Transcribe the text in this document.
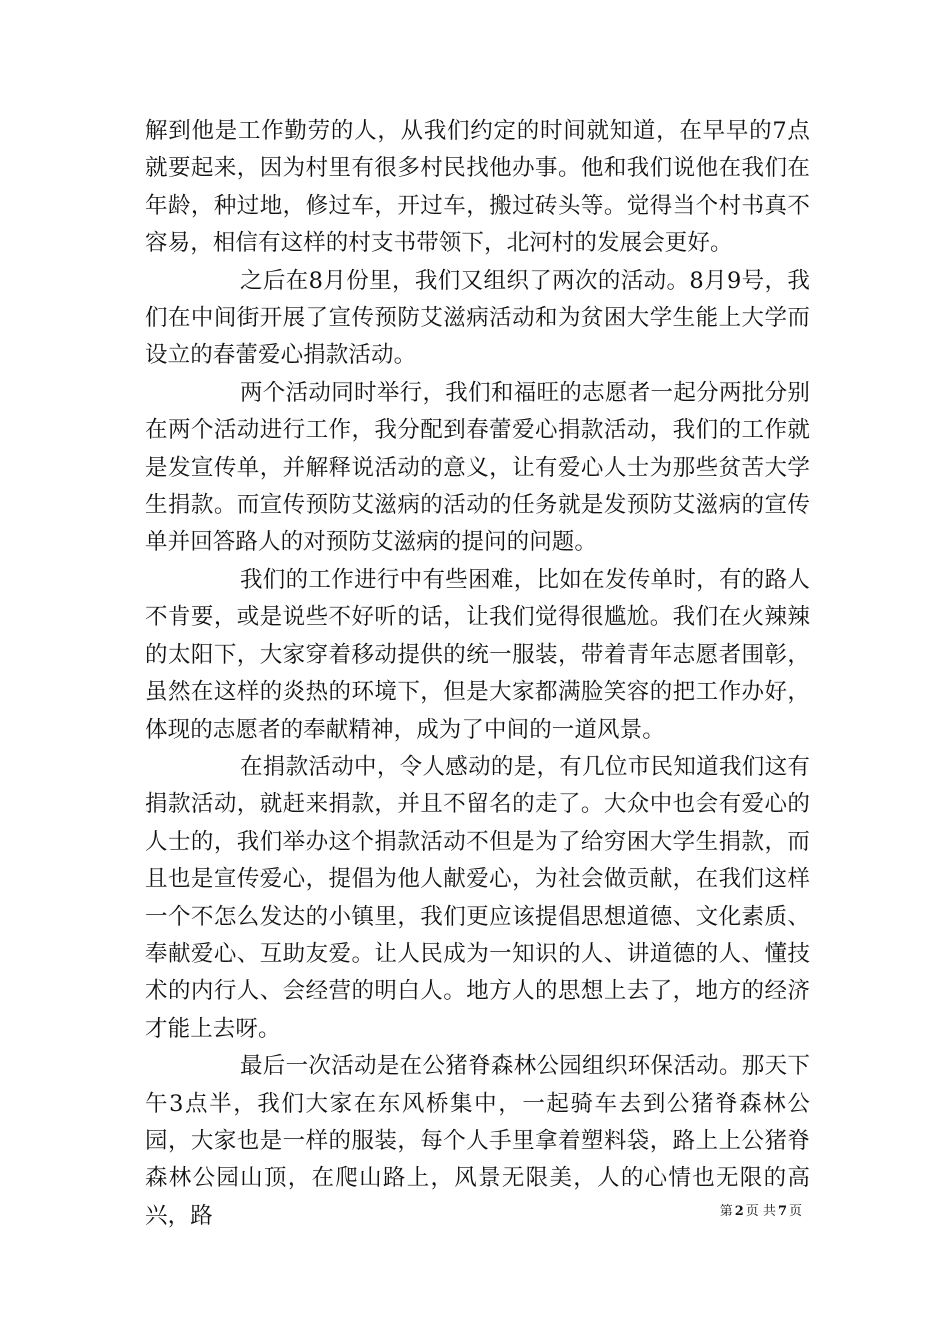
解到他是工作勤劳的人，从我们约定的时间就知道，在早早的7点就要起来，因为村里有很多村民找他办事。他和我们说他在我们在年龄，种过地，修过车，开过车，搬过砖头等。觉得当个村书真不容易，相信有这样的村支书带领下，北河村的发展会更好。

之后在8月份里，我们又组织了两次的活动。8月9号，我们在中间街开展了宣传预防艾滋病活动和为贫困大学生能上大学而设立的春蕾爱心捐款活动。

两个活动同时举行，我们和福旺的志愿者一起分两批分别在两个活动进行工作，我分配到春蕾爱心捐款活动，我们的工作就是发宣传单，并解释说活动的意义，让有爱心人士为那些贫苦大学生捐款。而宣传预防艾滋病的活动的任务就是发预防艾滋病的宣传单并回答路人的对预防艾滋病的提问的问题。

我们的工作进行中有些困难，比如在发传单时，有的路人不肯要，或是说些不好听的话，让我们觉得很尴尬。我们在火辣辣的太阳下，大家穿着移动提供的统一服装，带着青年志愿者围彰，虽然在这样的炎热的环境下，但是大家都满脸笑容的把工作办好，体现的志愿者的奉献精神，成为了中间的一道风景。

在捐款活动中，令人感动的是，有几位市民知道我们这有捐款活动，就赶来捐款，并且不留名的走了。大众中也会有爱心的人士的，我们举办这个捐款活动不但是为了给穷困大学生捐款，而且也是宣传爱心，提倡为他人献爱心，为社会做贡献，在我们这样一个不怎么发达的小镇里，我们更应该提倡思想道德、文化素质、奉献爱心、互助友爱。让人民成为一知识的人、讲道德的人、懂技术的内行人、会经营的明白人。地方人的思想上去了，地方的经济才能上去呀。

最后一次活动是在公猪脊森林公园组织环保活动。那天下午3点半，我们大家在东风桥集中，一起骑车去到公猪脊森林公园，大家也是一样的服装，每个人手里拿着塑料袋，路上上公猪脊森林公园山顶，在爬山路上，风景无限美，人的心情也无限的高兴，路	第 2 页 共 7 页
